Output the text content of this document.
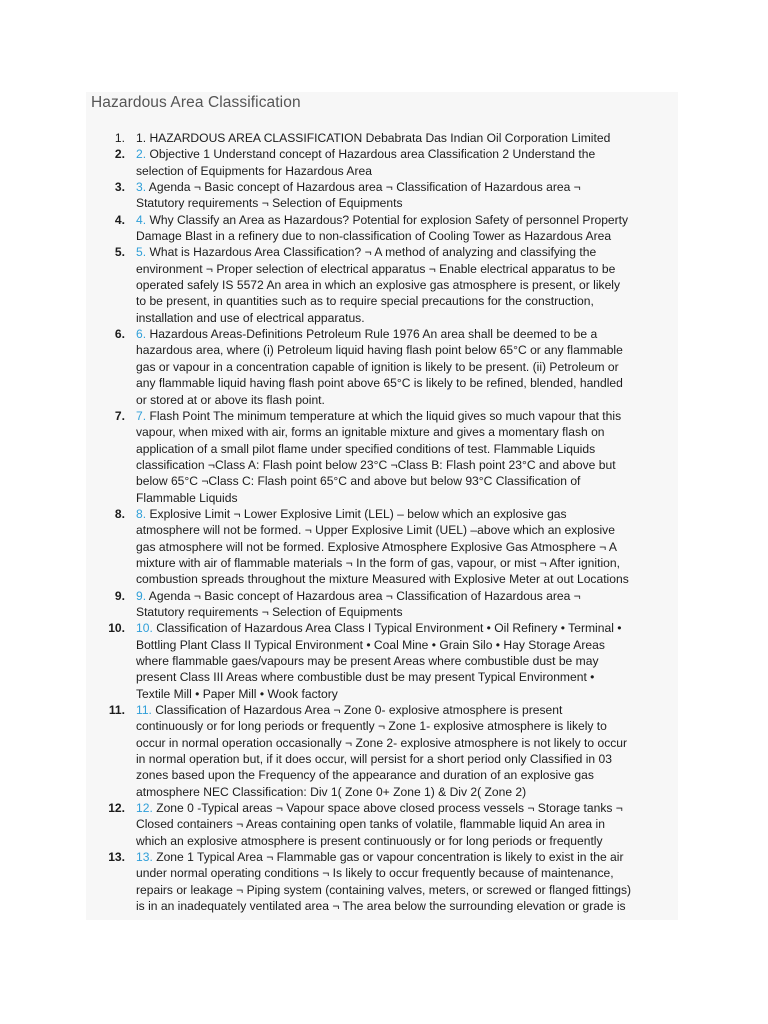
Hazardous Area Classification
1. 1. HAZARDOUS AREA CLASSIFICATION Debabrata Das Indian Oil Corporation Limited
2. 2. Objective 1 Understand concept of Hazardous area Classification 2 Understand the
selection of Equipments for Hazardous Area
3. 3. Agenda ¬ Basic concept of Hazardous area ¬ Classification of Hazardous area ¬
Statutory requirements ¬ Selection of Equipments
4. 4. Why Classify an Area as Hazardous? Potential for explosion Safety of personnel Property
Damage Blast in a refinery due to non-classification of Cooling Tower as Hazardous Area
5. 5. What is Hazardous Area Classification? ¬ A method of analyzing and classifying the
environment ¬ Proper selection of electrical apparatus ¬ Enable electrical apparatus to be
operated safely IS 5572 An area in which an explosive gas atmosphere is present, or likely
to be present, in quantities such as to require special precautions for the construction,
installation and use of electrical apparatus.
6. 6. Hazardous Areas-Definitions Petroleum Rule 1976 An area shall be deemed to be a
hazardous area, where (i) Petroleum liquid having flash point below 65°C or any flammable
gas or vapour in a concentration capable of ignition is likely to be present. (ii) Petroleum or
any flammable liquid having flash point above 65°C is likely to be refined, blended, handled
or stored at or above its flash point.
7. 7. Flash Point The minimum temperature at which the liquid gives so much vapour that this
vapour, when mixed with air, forms an ignitable mixture and gives a momentary flash on
application of a small pilot flame under specified conditions of test. Flammable Liquids
classification ¬Class A: Flash point below 23°C ¬Class B: Flash point 23°C and above but
below 65°C ¬Class C: Flash point 65°C and above but below 93°C Classification of
Flammable Liquids
8. 8. Explosive Limit ¬ Lower Explosive Limit (LEL) – below which an explosive gas
atmosphere will not be formed. ¬ Upper Explosive Limit (UEL) –above which an explosive
gas atmosphere will not be formed. Explosive Atmosphere Explosive Gas Atmosphere ¬ A
mixture with air of flammable materials ¬ In the form of gas, vapour, or mist ¬ After ignition,
combustion spreads throughout the mixture Measured with Explosive Meter at out Locations
9. 9. Agenda ¬ Basic concept of Hazardous area ¬ Classification of Hazardous area ¬
Statutory requirements ¬ Selection of Equipments
10. 10. Classification of Hazardous Area Class I Typical Environment • Oil Refinery • Terminal •
Bottling Plant Class II Typical Environment • Coal Mine • Grain Silo • Hay Storage Areas
where flammable gaes/vapours may be present Areas where combustible dust be may
present Class III Areas where combustible dust be may present Typical Environment •
Textile Mill • Paper Mill • Wook factory
11. 11. Classification of Hazardous Area ¬ Zone 0- explosive atmosphere is present
continuously or for long periods or frequently ¬ Zone 1- explosive atmosphere is likely to
occur in normal operation occasionally ¬ Zone 2- explosive atmosphere is not likely to occur
in normal operation but, if it does occur, will persist for a short period only Classified in 03
zones based upon the Frequency of the appearance and duration of an explosive gas
atmosphere NEC Classification: Div 1( Zone 0+ Zone 1) & Div 2( Zone 2)
12. 12. Zone 0 -Typical areas ¬ Vapour space above closed process vessels ¬ Storage tanks ¬
Closed containers ¬ Areas containing open tanks of volatile, flammable liquid An area in
which an explosive atmosphere is present continuously or for long periods or frequently
13. 13. Zone 1 Typical Area ¬ Flammable gas or vapour concentration is likely to exist in the air
under normal operating conditions ¬ Is likely to occur frequently because of maintenance,
repairs or leakage ¬ Piping system (containing valves, meters, or screwed or flanged fittings)
is in an inadequately ventilated area ¬ The area below the surrounding elevation or grade is
